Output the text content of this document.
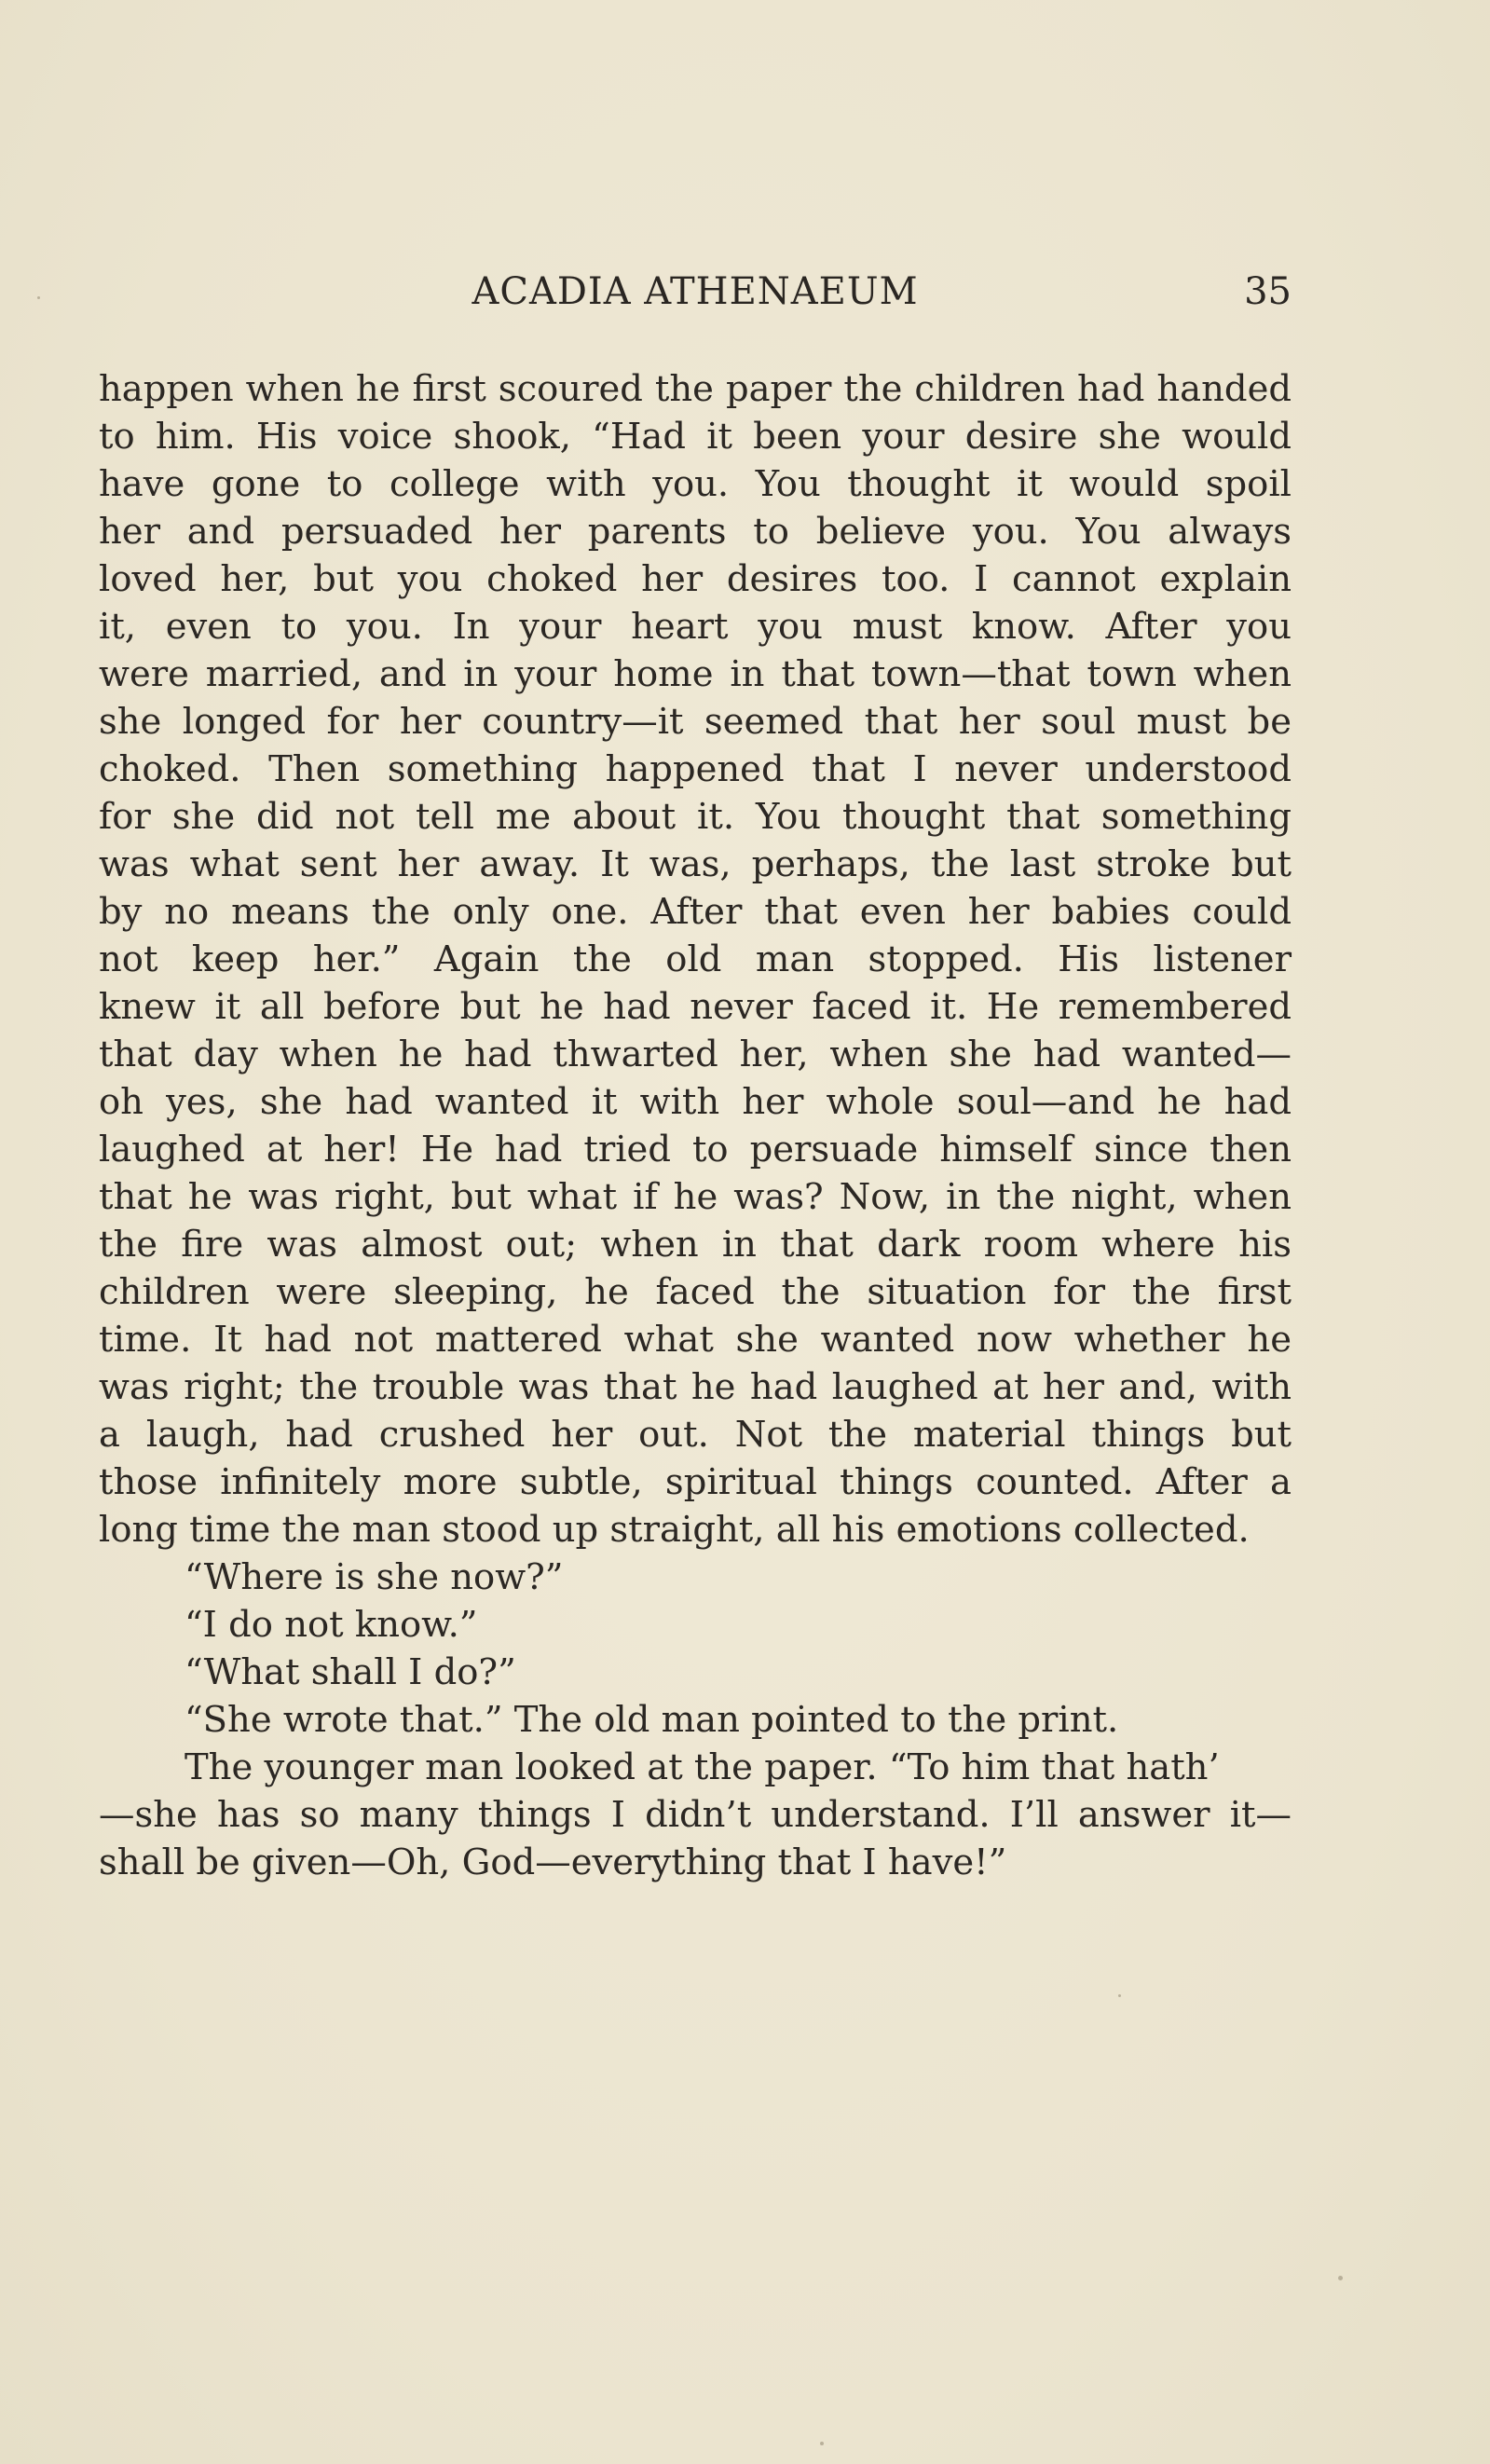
ACADIA ATHENAEUM	35
happen when he first scoured the paper the children had handed
to him. His voice shook, “Had it been your desire she would
have gone to college with you. You thought it would spoil
her and persuaded her parents to believe you. You always
loved her, but you choked her desires too. I cannot explain
it, even to you. In your heart you must know. After you
were married, and in your home in that town—that town when
she longed for her country—it seemed that her soul must be
choked. Then something happened that I never understood
for she did not tell me about it. You thought that something
was what sent her away. It was, perhaps, the last stroke but
by no means the only one. After that even her babies could
not keep her.” Again the old man stopped. His listener
knew it all before but he had never faced it. He remembered
that day when he had thwarted her, when she had wanted—
oh yes, she had wanted it with her whole soul—and he had
laughed at her! He had tried to persuade himself since then
that he was right, but what if he was? Now, in the night, when
the fire was almost out; when in that dark room where his
children were sleeping, he faced the situation for the first
time. It had not mattered what she wanted now whether he
was right; the trouble was that he had laughed at her and, with
a laugh, had crushed her out. Not the material things but
those infinitely more subtle, spiritual things counted. After a
long time the man stood up straight, all his emotions collected.
“Where is she now?”
“I do not know.”
“What shall I do?”
“She wrote that.” The old man pointed to the print.
The younger man looked at the paper. “To him that hath’
—she has so many things I didn’t understand. I’ll answer it—
shall be given—Oh, God—everything that I have!”
